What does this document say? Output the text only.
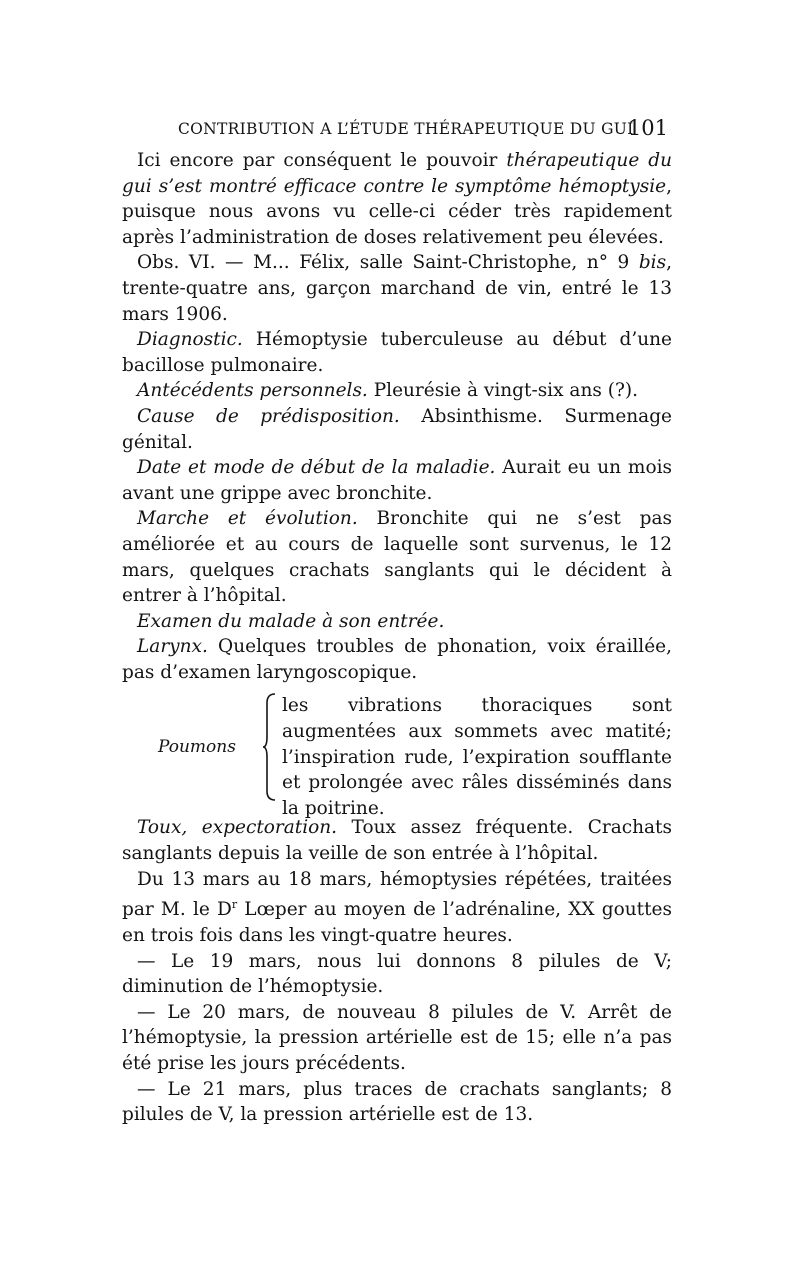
CONTRIBUTION A L’ÉTUDE THÉRAPEUTIQUE DU GUI
101

Ici encore par conséquent le pouvoir thérapeutique du gui s’est montré efficace contre le symptôme hémoptysie, puisque nous avons vu celle-ci céder très rapidement après l’administration de doses relativement peu élevées.

Obs. VI. — M... Félix, salle Saint-Christophe, n° 9 bis, trente-quatre ans, garçon marchand de vin, entré le 13 mars 1906.

Diagnostic. Hémoptysie tuberculeuse au début d’une bacillose pulmonaire.

Antécédents personnels. Pleurésie à vingt-six ans (?).

Cause de prédisposition. Absinthisme. Surmenage génital.

Date et mode de début de la maladie. Aurait eu un mois avant une grippe avec bronchite.

Marche et évolution. Bronchite qui ne s’est pas améliorée et au cours de laquelle sont survenus, le 12 mars, quelques crachats sanglants qui le décident à entrer à l’hôpital.

Examen du malade à son entrée.

Larynx. Quelques troubles de phonation, voix éraillée, pas d’examen laryngoscopique.

Poumons

les vibrations thoraciques sont augmentées aux sommets avec matité; l’inspiration rude, l’expiration soufflante et prolongée avec râles disséminés dans la poitrine.

Toux, expectoration. Toux assez fréquente. Crachats sanglants depuis la veille de son entrée à l’hôpital.

Du 13 mars au 18 mars, hémoptysies répétées, traitées par M. le $D^r$ Lœper au moyen de l’adrénaline, XX gouttes en trois fois dans les vingt-quatre heures.

— Le 19 mars, nous lui donnons 8 pilules de V; diminution de l’hémoptysie.

— Le 20 mars, de nouveau 8 pilules de V. Arrêt de l’hémoptysie, la pression artérielle est de 15; elle n’a pas été prise les jours précédents.

— Le 21 mars, plus traces de crachats sanglants; 8 pilules de V, la pression artérielle est de 13.
